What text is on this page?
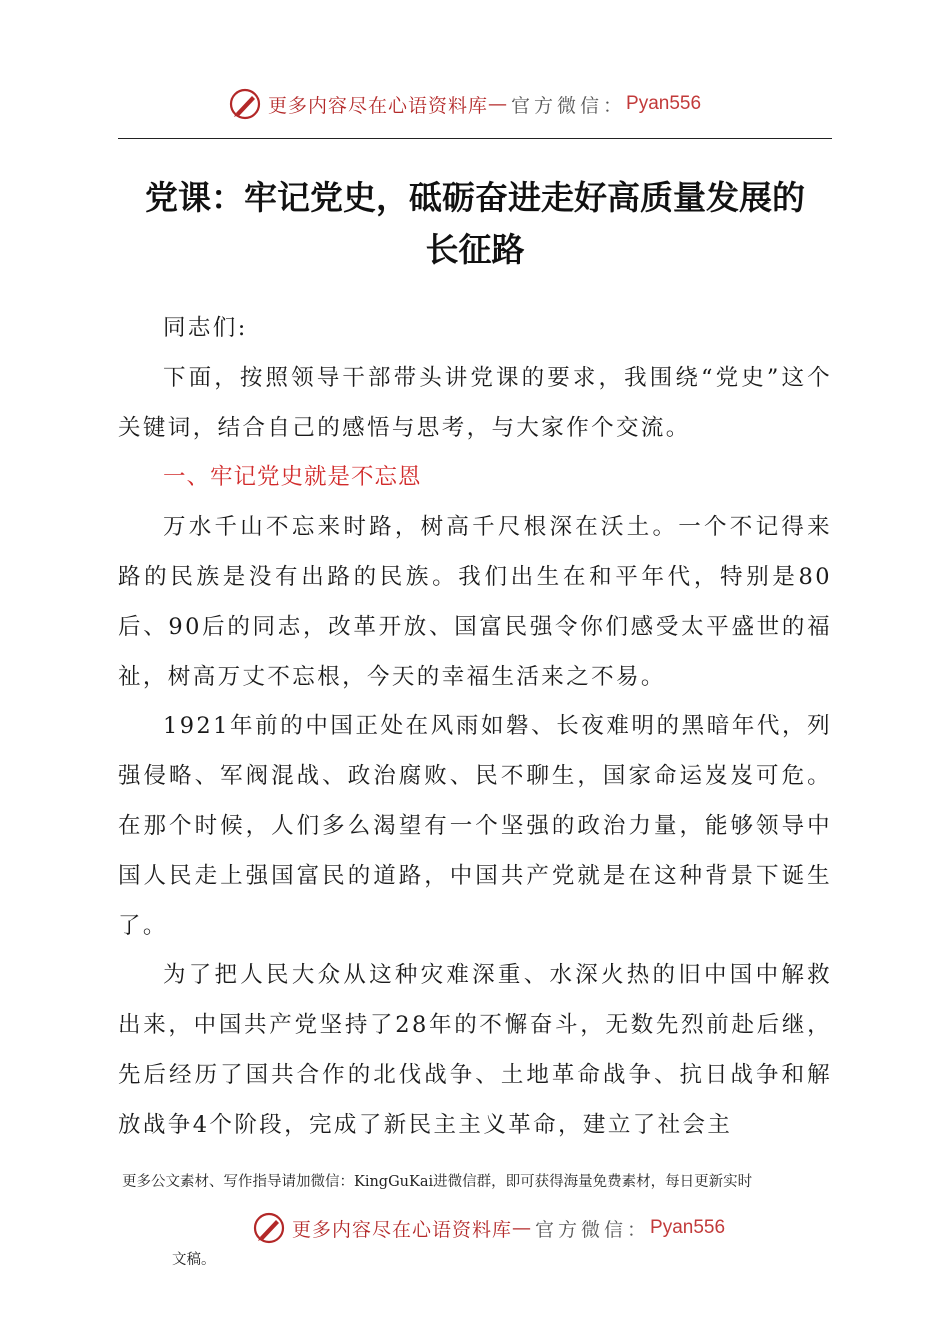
更多内容尽在心语资料库 — 官方微信： Pyan556
党课：牢记党史，砥砺奋进走好高质量发展的
长征路

同志们:

下面，按照领导干部带头讲党课的要求，我围绕“党史”这个关键词，结合自己的感悟与思考，与大家作个交流。

一、牢记党史就是不忘恩

万水千山不忘来时路，树高千尺根深在沃土。一个不记得来路的民族是没有出路的民族。我们出生在和平年代，特别是80后、90后的同志，改革开放、国富民强令你们感受太平盛世的福祉，树高万丈不忘根，今天的幸福生活来之不易。

1921年前的中国正处在风雨如磐、长夜难明的黑暗年代，列强侵略、军阀混战、政治腐败、民不聊生，国家命运岌岌可危。在那个时候，人们多么渴望有一个坚强的政治力量，能够领导中国人民走上强国富民的道路，中国共产党就是在这种背景下诞生了。

为了把人民大众从这种灾难深重、水深火热的旧中国中解救出来，中国共产党坚持了28年的不懈奋斗，无数先烈前赴后继，先后经历了国共合作的北伐战争、土地革命战争、抗日战争和解放战争4个阶段，完成了新民主主义革命，建立了社会主

更多公文素材、写作指导请加微信：KingGuKai进微信群，即可获得海量免费素材，每日更新实时
更多内容尽在心语资料库 — 官方微信： Pyan556
文稿。
